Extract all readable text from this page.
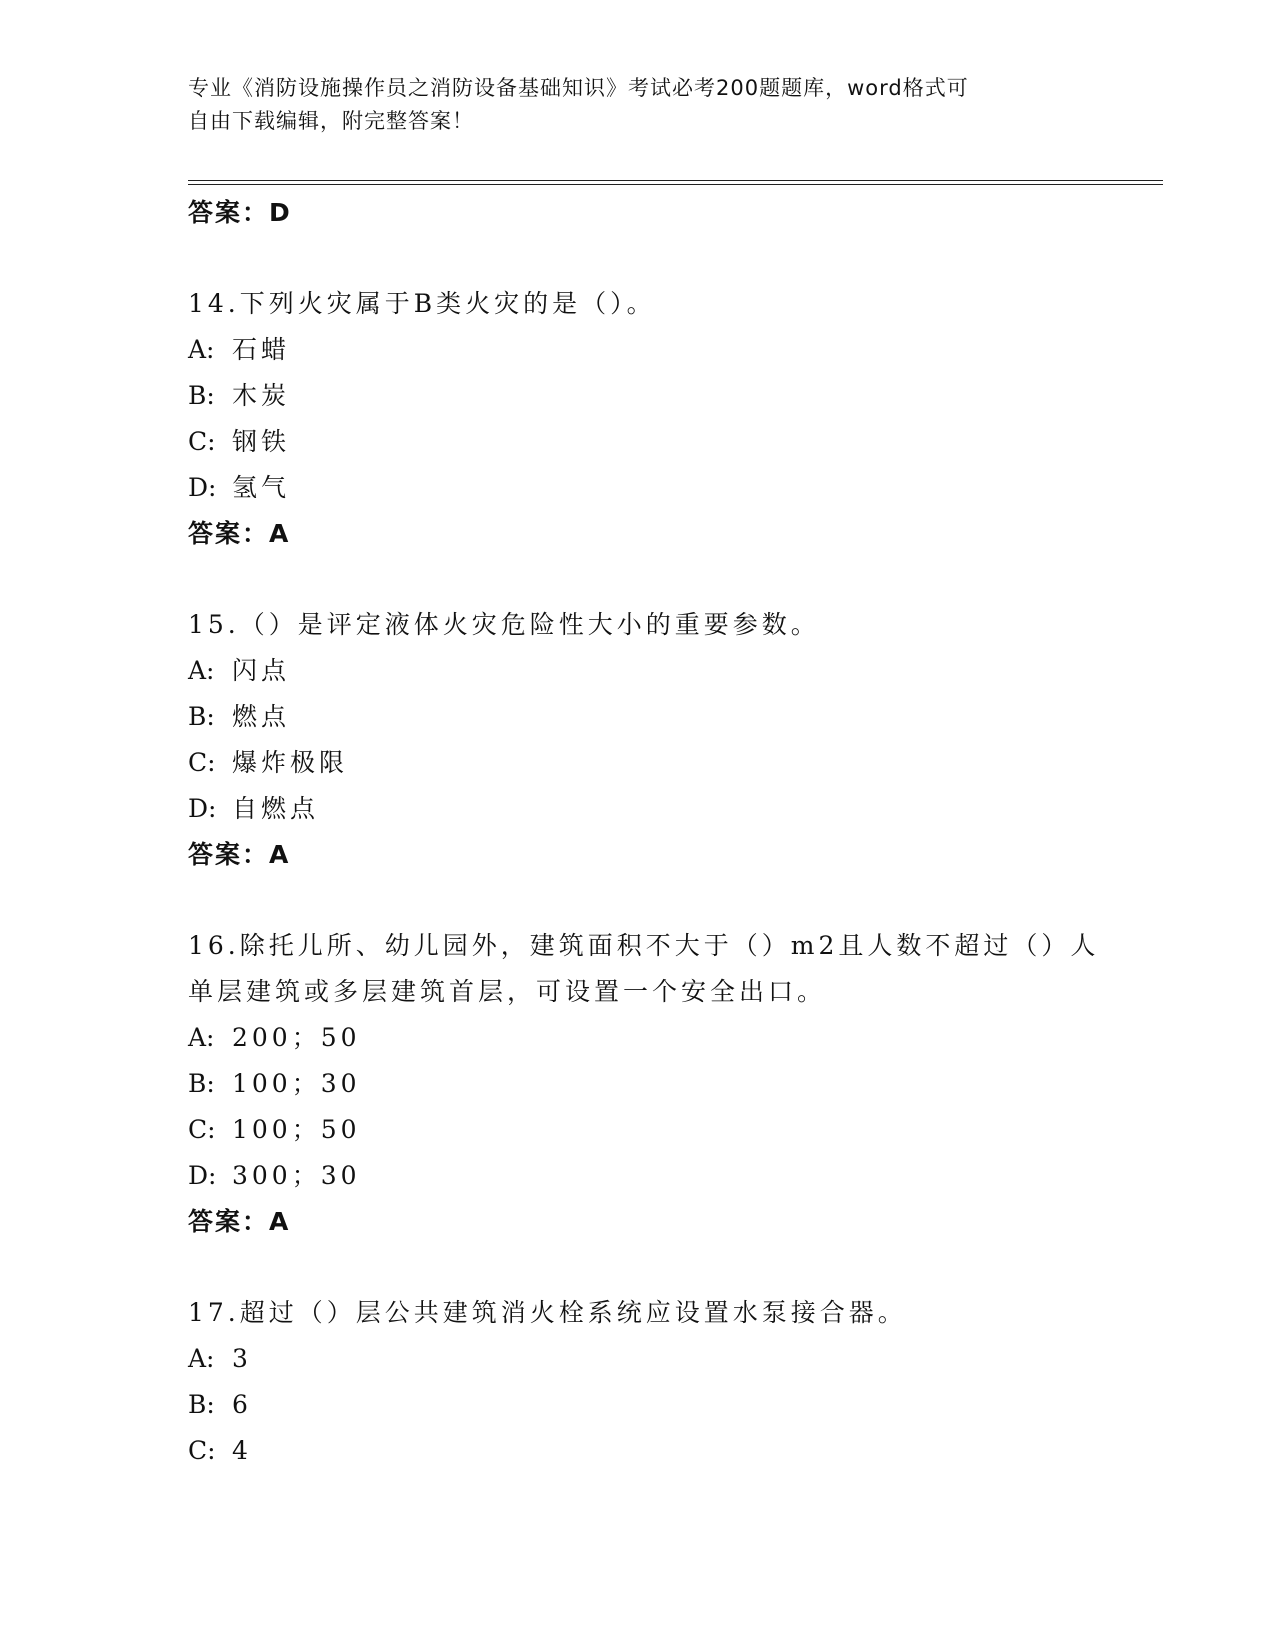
专业《消防设施操作员之消防设备基础知识》考试必考200题题库，word格式可
自由下载编辑，附完整答案！
答案：D
14.下列火灾属于B类火灾的是（）。
A: 石蜡
B: 木炭
C: 钢铁
D: 氢气
答案：A
15.（）是评定液体火灾危险性大小的重要参数。
A: 闪点
B: 燃点
C: 爆炸极限
D: 自燃点
答案：A
16.除托儿所、幼儿园外，建筑面积不大于（）m2且人数不超过（）人
单层建筑或多层建筑首层，可设置一个安全出口。
A: 200；50
B: 100；30
C: 100；50
D: 300；30
答案：A
17.超过（）层公共建筑消火栓系统应设置水泵接合器。
A: 3
B: 6
C: 4
